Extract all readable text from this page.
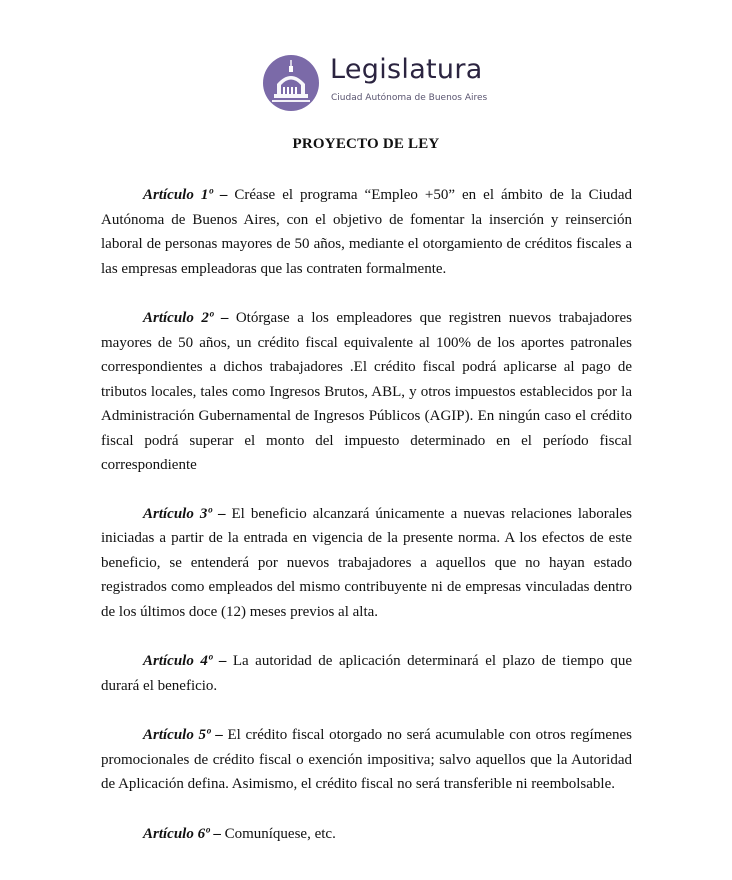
Legislatura
Ciudad Autónoma de Buenos Aires
PROYECTO DE LEY

Artículo 1º – Créase el programa “Empleo +50” en el ámbito de la Ciudad Autónoma de Buenos Aires, con el objetivo de fomentar la inserción y reinserción laboral de personas mayores de 50 años, mediante el otorgamiento de créditos fiscales a las empresas empleadoras que las contraten formalmente.

Artículo 2º – Otórgase a los empleadores que registren nuevos trabajadores mayores de 50 años, un crédito fiscal equivalente al 100% de los aportes patronales correspondientes a dichos trabajadores .El crédito fiscal podrá aplicarse al pago de tributos locales, tales como Ingresos Brutos, ABL, y otros impuestos establecidos por la Administración Gubernamental de Ingresos Públicos (AGIP). En ningún caso el crédito fiscal podrá superar el monto del impuesto determinado en el período fiscal correspondiente

Artículo 3º – El beneficio alcanzará únicamente a nuevas relaciones laborales iniciadas a partir de la entrada en vigencia de la presente norma. A los efectos de este beneficio, se entenderá por nuevos trabajadores a aquellos que no hayan estado registrados como empleados del mismo contribuyente ni de empresas vinculadas dentro de los últimos doce (12) meses previos al alta.

Artículo 4º – La autoridad de aplicación determinará el plazo de tiempo que durará el beneficio.

Artículo 5º – El crédito fiscal otorgado no será acumulable con otros regímenes promocionales de crédito fiscal o exención impositiva; salvo aquellos que la Autoridad de Aplicación defina. Asimismo, el crédito fiscal no será transferible ni reembolsable.

Artículo 6º – Comuníquese, etc.
